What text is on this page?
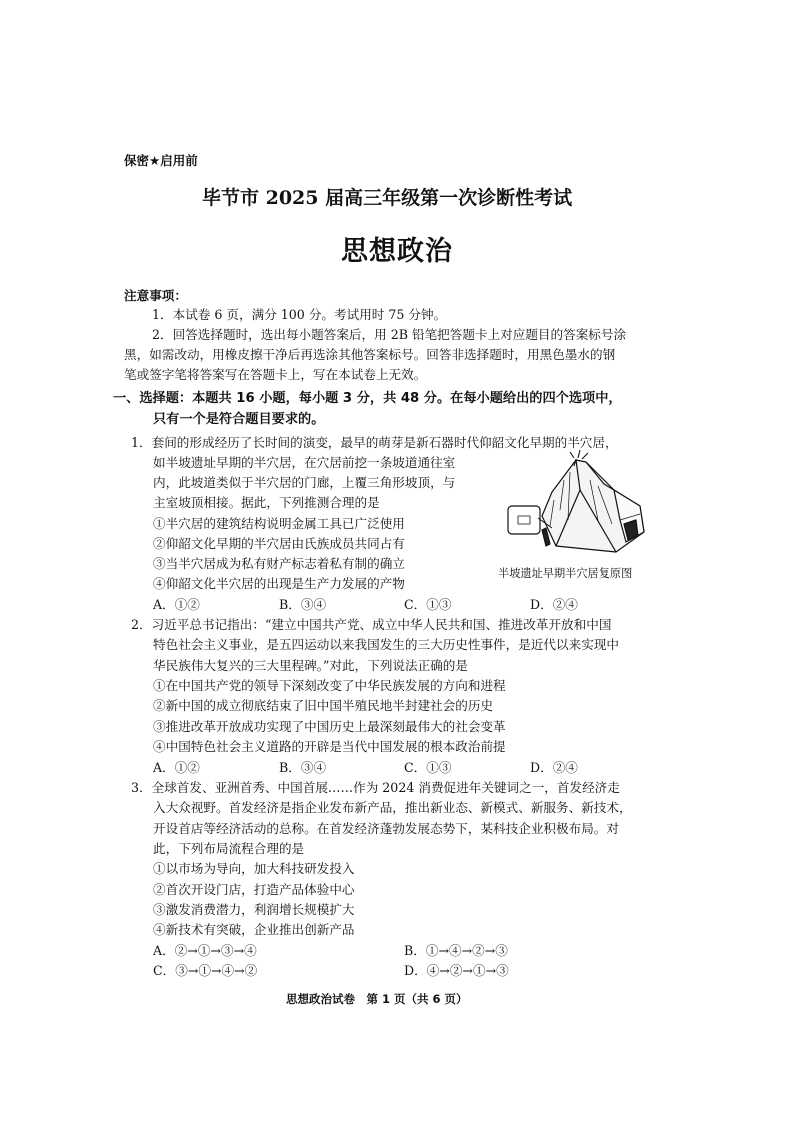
保密★启用前
毕节市 2025 届高三年级第一次诊断性考试
思想政治
注意事项：
1．本试卷 6 页，满分 100 分。考试用时 75 分钟。
2．回答选择题时，选出每小题答案后，用 2B 铅笔把答题卡上对应题目的答案标号涂
黑，如需改动，用橡皮擦干净后再选涂其他答案标号。回答非选择题时，用黑色墨水的钢
笔或签字笔将答案写在答题卡上，写在本试卷上无效。
一、选择题：本题共 16 小题，每小题 3 分，共 48 分。在每小题给出的四个选项中，
只有一个是符合题目要求的。
1．套间的形成经历了长时间的演变，最早的萌芽是新石器时代仰韶文化早期的半穴居，
如半坡遗址早期的半穴居，在穴居前挖一条坡道通往室
内，此坡道类似于半穴居的门廊，上覆三角形坡顶，与
主室坡顶相接。据此，下列推测合理的是
①半穴居的建筑结构说明金属工具已广泛使用
②仰韶文化早期的半穴居由氏族成员共同占有
③当半穴居成为私有财产标志着私有制的确立
④仰韶文化半穴居的出现是生产力发展的产物
半坡遗址早期半穴居复原图
A．①②	B．③④	C．①③	D．②④
2．习近平总书记指出：“建立中国共产党、成立中华人民共和国、推进改革开放和中国
特色社会主义事业，是五四运动以来我国发生的三大历史性事件，是近代以来实现中
华民族伟大复兴的三大里程碑。”对此，下列说法正确的是
①在中国共产党的领导下深刻改变了中华民族发展的方向和进程
②新中国的成立彻底结束了旧中国半殖民地半封建社会的历史
③推进改革开放成功实现了中国历史上最深刻最伟大的社会变革
④中国特色社会主义道路的开辟是当代中国发展的根本政治前提
A．①②	B．③④	C．①③	D．②④
3．全球首发、亚洲首秀、中国首展……作为 2024 消费促进年关键词之一，首发经济走
入大众视野。首发经济是指企业发布新产品，推出新业态、新模式、新服务、新技术，
开设首店等经济活动的总称。在首发经济蓬勃发展态势下，某科技企业积极布局。对
此，下列布局流程合理的是
①以市场为导向，加大科技研发投入
②首次开设门店，打造产品体验中心
③激发消费潜力，利润增长规模扩大
④新技术有突破，企业推出创新产品
A．②→①→③→④	B．①→④→②→③
C．③→①→④→②	D．④→②→①→③
思想政治试卷　第 1 页（共 6 页）
